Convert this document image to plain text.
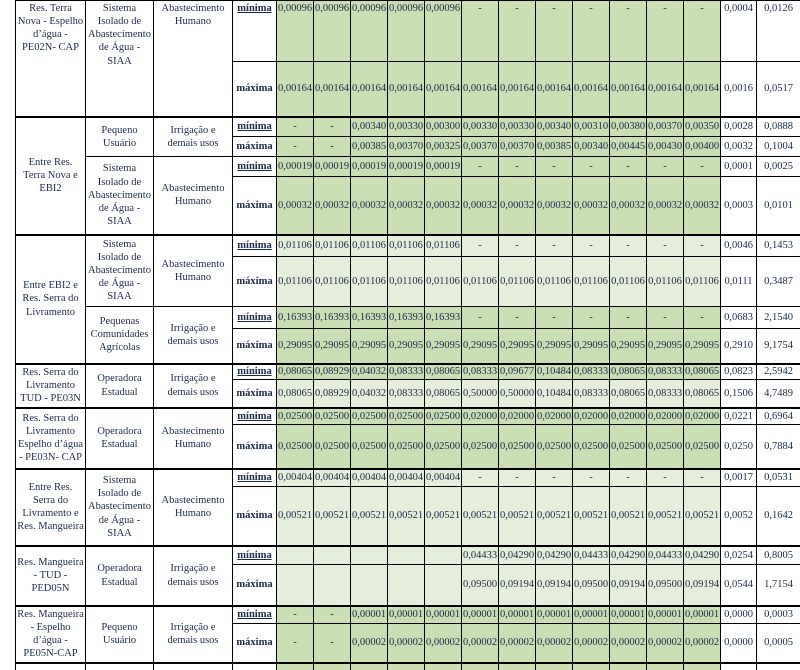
Res. Terra Nova - Espelho d’água - PE02N- CAP	Sistema Isolado de Abastecimento de Água - SIAA	Abastecimento Humano	mínima	0,00096	0,00096	0,00096	0,00096	0,00096	-	-	-	-	-	-	-	0,0004	0,0126
			máxima	0,00164	0,00164	0,00164	0,00164	0,00164	0,00164	0,00164	0,00164	0,00164	0,00164	0,00164	0,00164	0,0016	0,0517
Entre Res. Terra Nova e EBI2	Pequeno Usuário	Irrigação e demais usos	mínima	-	-	0,00340	0,00330	0,00300	0,00330	0,00330	0,00340	0,00310	0,00380	0,00370	0,00350	0,0028	0,0888
			máxima	-	-	0,00385	0,00370	0,00325	0,00370	0,00370	0,00385	0,00340	0,00445	0,00430	0,00400	0,0032	0,1004
	Sistema Isolado de Abastecimento de Água - SIAA	Abastecimento Humano	mínima	0,00019	0,00019	0,00019	0,00019	0,00019	-	-	-	-	-	-	-	0,0001	0,0025
			máxima	0,00032	0,00032	0,00032	0,00032	0,00032	0,00032	0,00032	0,00032	0,00032	0,00032	0,00032	0,00032	0,0003	0,0101
Entre EBI2 e Res. Serra do Livramento	Sistema Isolado de Abastecimento de Água - SIAA	Abastecimento Humano	mínima	0,01106	0,01106	0,01106	0,01106	0,01106	-	-	-	-	-	-	-	0,0046	0,1453
			máxima	0,01106	0,01106	0,01106	0,01106	0,01106	0,01106	0,01106	0,01106	0,01106	0,01106	0,01106	0,01106	0,0111	0,3487
	Pequenas Comunidades Agrícolas	Irrigação e demais usos	mínima	0,16393	0,16393	0,16393	0,16393	0,16393	-	-	-	-	-	-	-	0,0683	2,1540
			máxima	0,29095	0,29095	0,29095	0,29095	0,29095	0,29095	0,29095	0,29095	0,29095	0,29095	0,29095	0,29095	0,2910	9,1754
Res. Serra do Livramento TUD - PE03N	Operadora Estadual	Irrigação e demais usos	mínima	0,08065	0,08929	0,04032	0,08333	0,08065	0,08333	0,09677	0,10484	0,08333	0,08065	0,08333	0,08065	0,0823	2,5942
			máxima	0,08065	0,08929	0,04032	0,08333	0,08065	0,50000	0,50000	0,10484	0,08333	0,08065	0,08333	0,08065	0,1506	4,7489
Res. Serra do Livramento Espelho d’água - PE03N- CAP	Operadora Estadual	Abastecimento Humano	mínima	0,02500	0,02500	0,02500	0,02500	0,02500	0,02000	0,02000	0,02000	0,02000	0,02000	0,02000	0,02000	0,0221	0,6964
			máxima	0,02500	0,02500	0,02500	0,02500	0,02500	0,02500	0,02500	0,02500	0,02500	0,02500	0,02500	0,02500	0,0250	0,7884
Entre Res. Serra do Livramento e Res. Mangueira	Sistema Isolado de Abastecimento de Água - SIAA	Abastecimento Humano	mínima	0,00404	0,00404	0,00404	0,00404	0,00404	-	-	-	-	-	-	-	0,0017	0,0531
			máxima	0,00521	0,00521	0,00521	0,00521	0,00521	0,00521	0,00521	0,00521	0,00521	0,00521	0,00521	0,00521	0,0052	0,1642
Res. Mangueira - TUD - PED05N	Operadora Estadual	Irrigação e demais usos	mínima						0,04433	0,04290	0,04290	0,04433	0,04290	0,04433	0,04290	0,0254	0,8005
			máxima						0,09500	0,09194	0,09194	0,09500	0,09194	0,09500	0,09194	0,0544	1,7154
Res. Mangueira - Espelho d’água - PE05N-CAP	Pequeno Usuário	Irrigação e demais usos	mínima	-	-	0,00001	0,00001	0,00001	0,00001	0,00001	0,00001	0,00001	0,00001	0,00001	0,00001	0,0000	0,0003
			máxima	-	-	0,00002	0,00002	0,00002	0,00002	0,00002	0,00002	0,00002	0,00002	0,00002	0,00002	0,0000	0,0005
